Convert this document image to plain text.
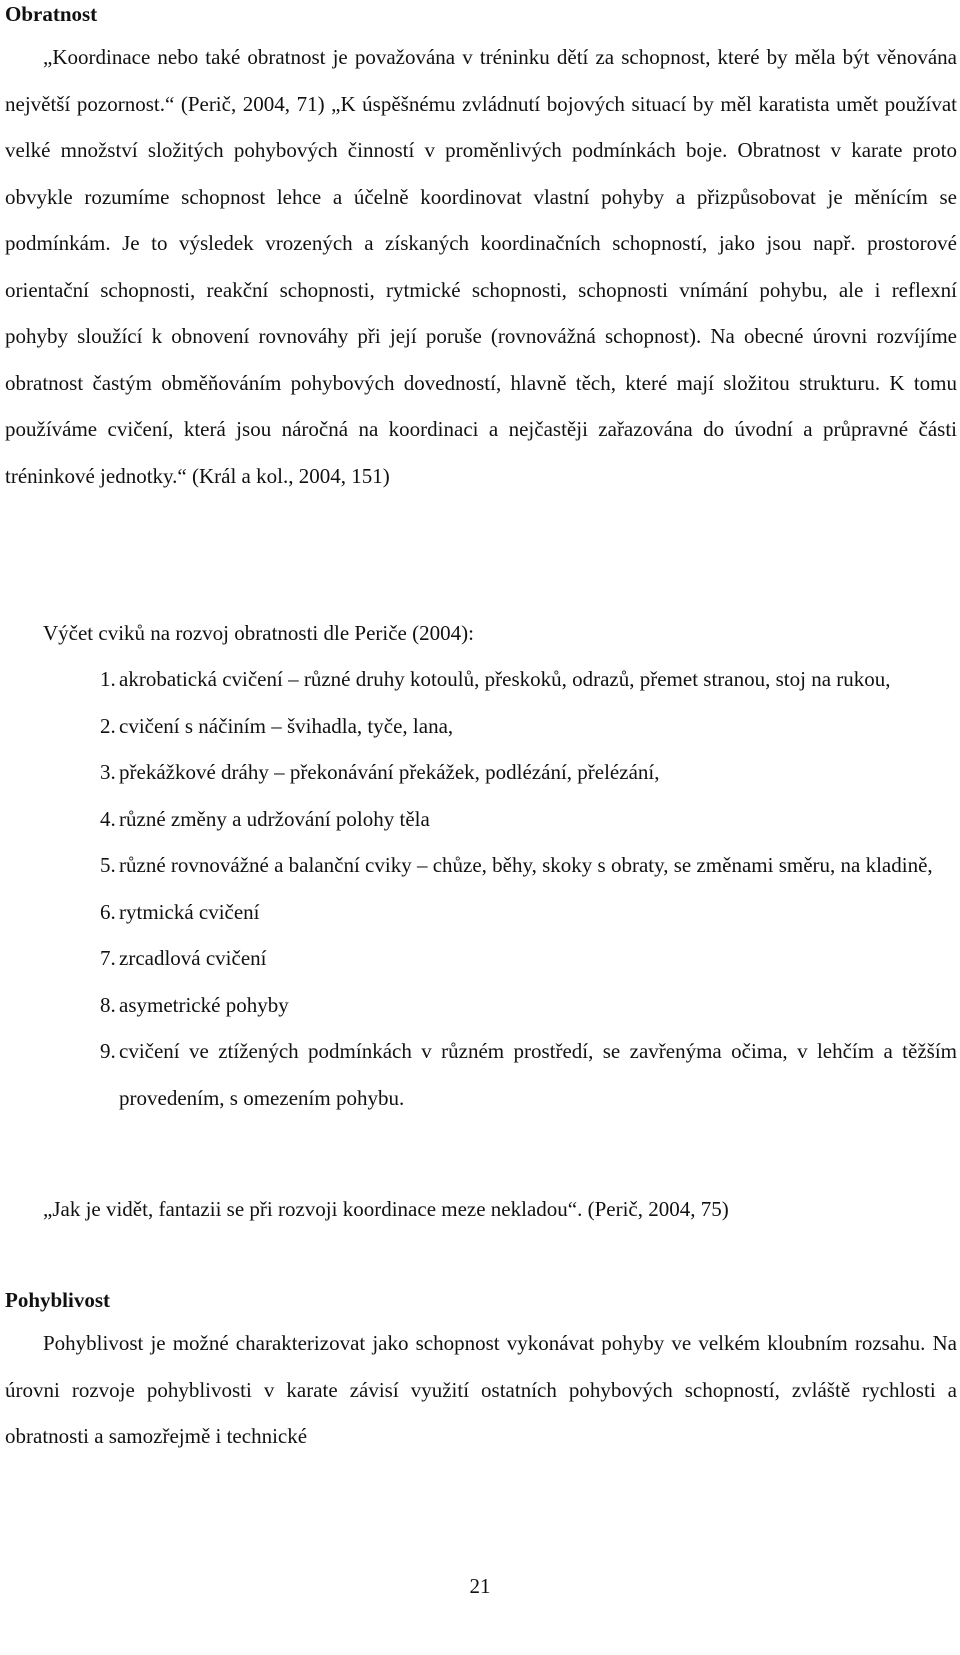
Obratnost

„Koordinace nebo také obratnost je považována v tréninku dětí za schopnost, které by měla být věnována největší pozornost.“ (Perič, 2004, 71) „K úspěšnému zvládnutí bojových situací by měl karatista umět používat velké množství složitých pohybových činností v proměnlivých podmínkách boje. Obratnost v karate proto obvykle rozumíme schopnost lehce a účelně koordinovat vlastní pohyby a přizpůsobovat je měnícím se podmínkám. Je to výsledek vrozených a získaných koordinačních schopností, jako jsou např. prostorové orientační schopnosti, reakční schopnosti, rytmické schopnosti, schopnosti vnímání pohybu, ale i reflexní pohyby sloužící k obnovení rovnováhy při její poruše (rovnovážná schopnost). Na obecné úrovni rozvíjíme obratnost častým obměňováním pohybových dovedností, hlavně těch, které mají složitou strukturu. K tomu používáme cvičení, která jsou náročná na koordinaci a nejčastěji zařazována do úvodní a průpravné části tréninkové jednotky.“ (Král a kol., 2004, 151)

Výčet cviků na rozvoj obratnosti dle Periče (2004):

1. akrobatická cvičení – různé druhy kotoulů, přeskoků, odrazů, přemet stranou, stoj na rukou,
2. cvičení s náčiním – švihadla, tyče, lana,
3. překážkové dráhy – překonávání překážek, podlézání, přelézání,
4. různé změny a udržování polohy těla
5. různé rovnovážné a balanční cviky – chůze, běhy, skoky s obraty, se změnami směru, na kladině,
6. rytmická cvičení
7. zrcadlová cvičení
8. asymetrické pohyby
9. cvičení ve ztížených podmínkách v různém prostředí, se zavřenýma očima, v lehčím a těžším provedením, s omezením pohybu.

„Jak je vidět, fantazii se při rozvoji koordinace meze nekladou“. (Perič, 2004, 75)

Pohyblivost

Pohyblivost je možné charakterizovat jako schopnost vykonávat pohyby ve velkém kloubním rozsahu. Na úrovni rozvoje pohyblivosti v karate závisí využití ostatních pohybových schopností, zvláště rychlosti a obratnosti a samozřejmě i technické

21
